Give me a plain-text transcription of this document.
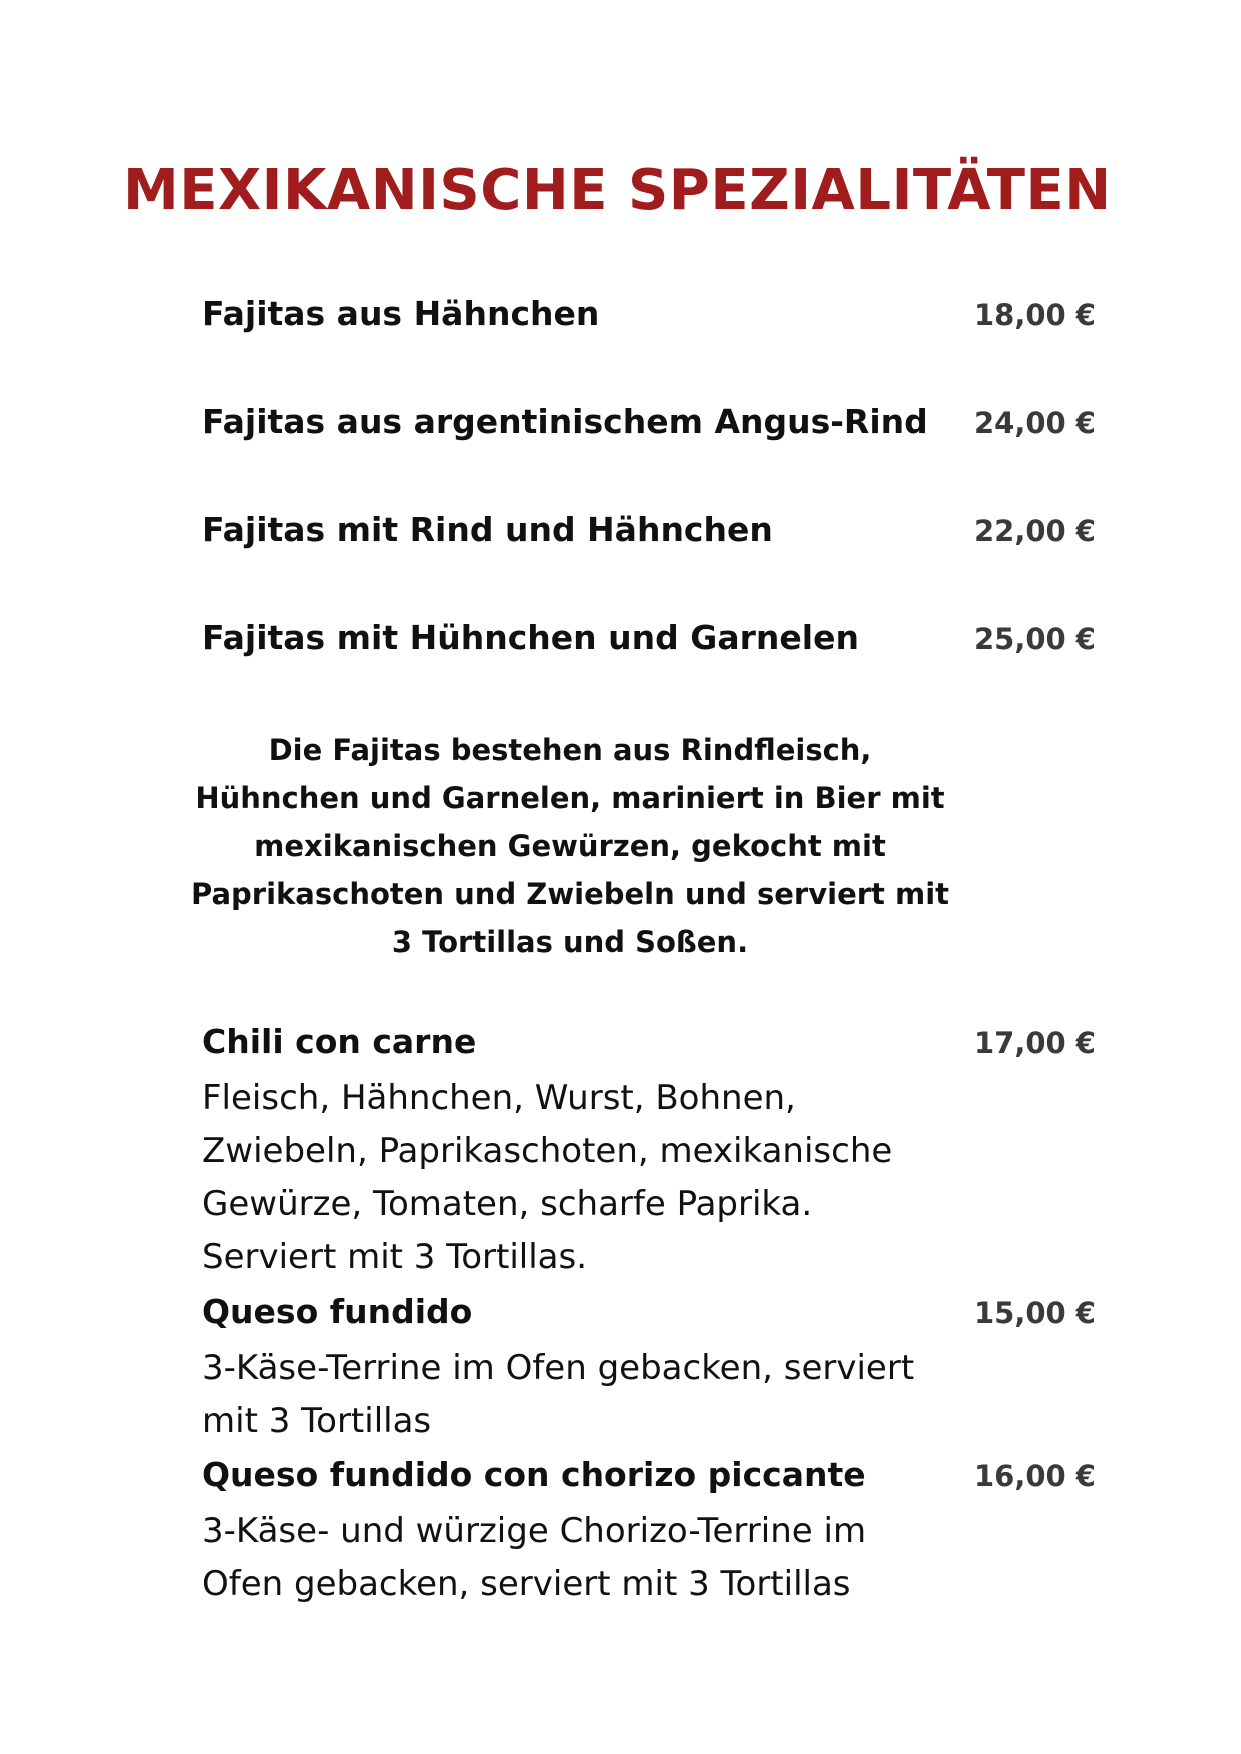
MEXIKANISCHE SPEZIALITÄTEN
Fajitas aus Hähnchen	18,00 €
Fajitas aus argentinischem Angus-Rind 24,00 €
Fajitas mit Rind und Hähnchen	22,00 €
Fajitas mit Hühnchen und Garnelen	25,00 €

Die Fajitas bestehen aus Rindfleisch,
Hühnchen und Garnelen, mariniert in Bier mit
mexikanischen Gewürzen, gekocht mit
Paprikaschoten und Zwiebeln und serviert mit
3 Tortillas und Soßen.

Chili con carne	17,00 €

Fleisch, Hähnchen, Wurst, Bohnen,
Zwiebeln, Paprikaschoten, mexikanische
Gewürze, Tomaten, scharfe Paprika.
Serviert mit 3 Tortillas.

Queso fundido	15,00 €

3-Käse-Terrine im Ofen gebacken, serviert
mit 3 Tortillas

Queso fundido con chorizo piccante	16,00 €

3-Käse- und würzige Chorizo-Terrine im
Ofen gebacken, serviert mit 3 Tortillas
